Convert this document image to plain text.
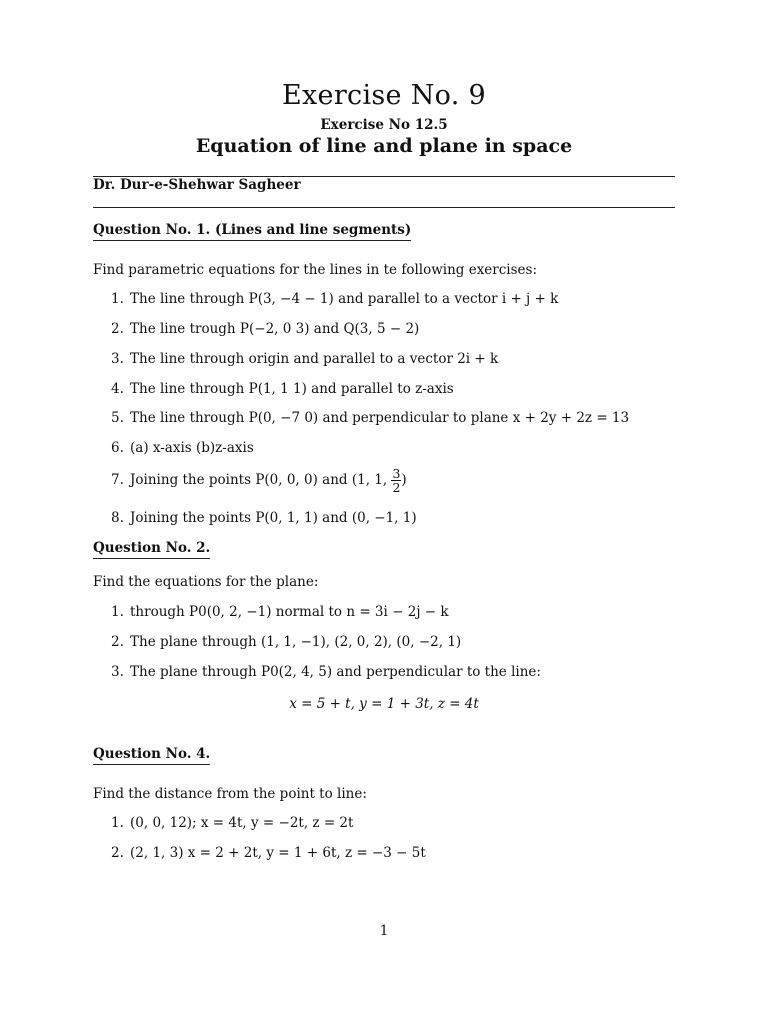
Exercise No. 9
Exercise No 12.5
Equation of line and plane in space
Dr. Dur-e-Shehwar Sagheer
Question No. 1. (Lines and line segments)
Find parametric equations for the lines in te following exercises:
1. The line through P(3, −4 − 1) and parallel to a vector i + j + k
2. The line trough P(−2, 0 3) and Q(3, 5 − 2)
3. The line through origin and parallel to a vector 2i + k
4. The line through P(1, 1 1) and parallel to z-axis
5. The line through P(0, −7 0) and perpendicular to plane x + 2y + 2z = 13
6. (a) x-axis (b)z-axis
7. Joining the points P(0, 0, 0) and (1, 1, $\frac{3}{2}$ )
8. Joining the points P(0, 1, 1) and (0, −1, 1)
Question No. 2.
Find the equations for the plane:
1. through P0(0, 2, −1) normal to n = 3i − 2j − k
2. The plane through (1, 1, −1), (2, 0, 2), (0, −2, 1)
3. The plane through P0(2, 4, 5) and perpendicular to the line:
x = 5 + t, y = 1 + 3t, z = 4t
Question No. 4.
Find the distance from the point to line:
1. (0, 0, 12); x = 4t, y = −2t, z = 2t
2. (2, 1, 3) x = 2 + 2t, y = 1 + 6t, z = −3 − 5t
1
